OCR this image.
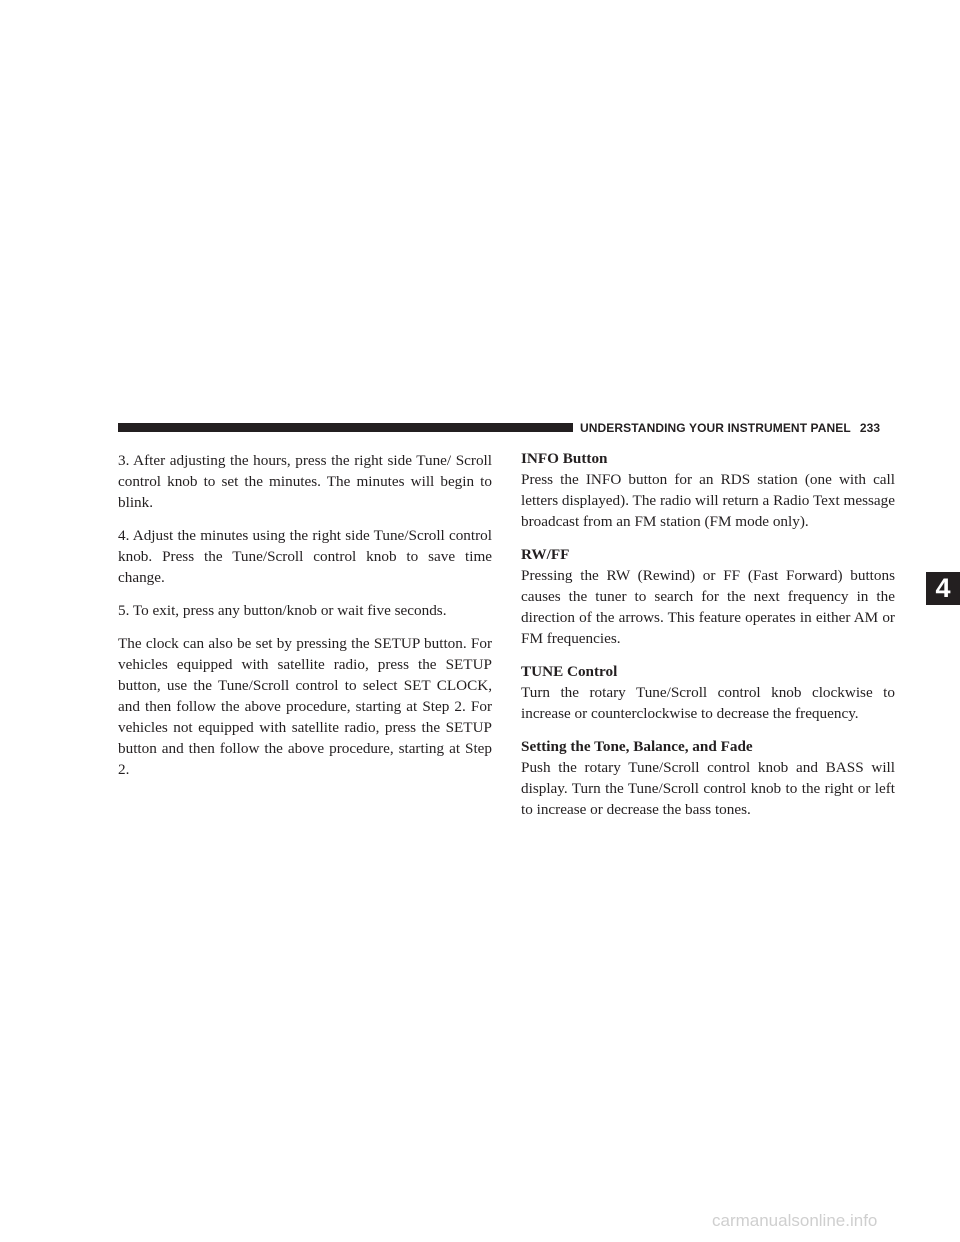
UNDERSTANDING YOUR INSTRUMENT PANEL 233

3. After adjusting the hours, press the right side Tune/ Scroll control knob to set the minutes. The minutes will begin to blink.

4. Adjust the minutes using the right side Tune/Scroll control knob. Press the Tune/Scroll control knob to save time change.

5. To exit, press any button/knob or wait five seconds.

The clock can also be set by pressing the SETUP button. For vehicles equipped with satellite radio, press the SETUP button, use the Tune/Scroll control to select SET CLOCK, and then follow the above procedure, starting at Step 2. For vehicles not equipped with satellite radio, press the SETUP button and then follow the above procedure, starting at Step 2.

INFO Button

Press the INFO button for an RDS station (one with call letters displayed). The radio will return a Radio Text message broadcast from an FM station (FM mode only).

RW/FF

Pressing the RW (Rewind) or FF (Fast Forward) buttons causes the tuner to search for the next frequency in the direction of the arrows. This feature operates in either AM or FM frequencies.

TUNE Control

Turn the rotary Tune/Scroll control knob clockwise to increase or counterclockwise to decrease the frequency.

Setting the Tone, Balance, and Fade

Push the rotary Tune/Scroll control knob and BASS will display. Turn the Tune/Scroll control knob to the right or left to increase or decrease the bass tones.

4
carmanualsonline.info
